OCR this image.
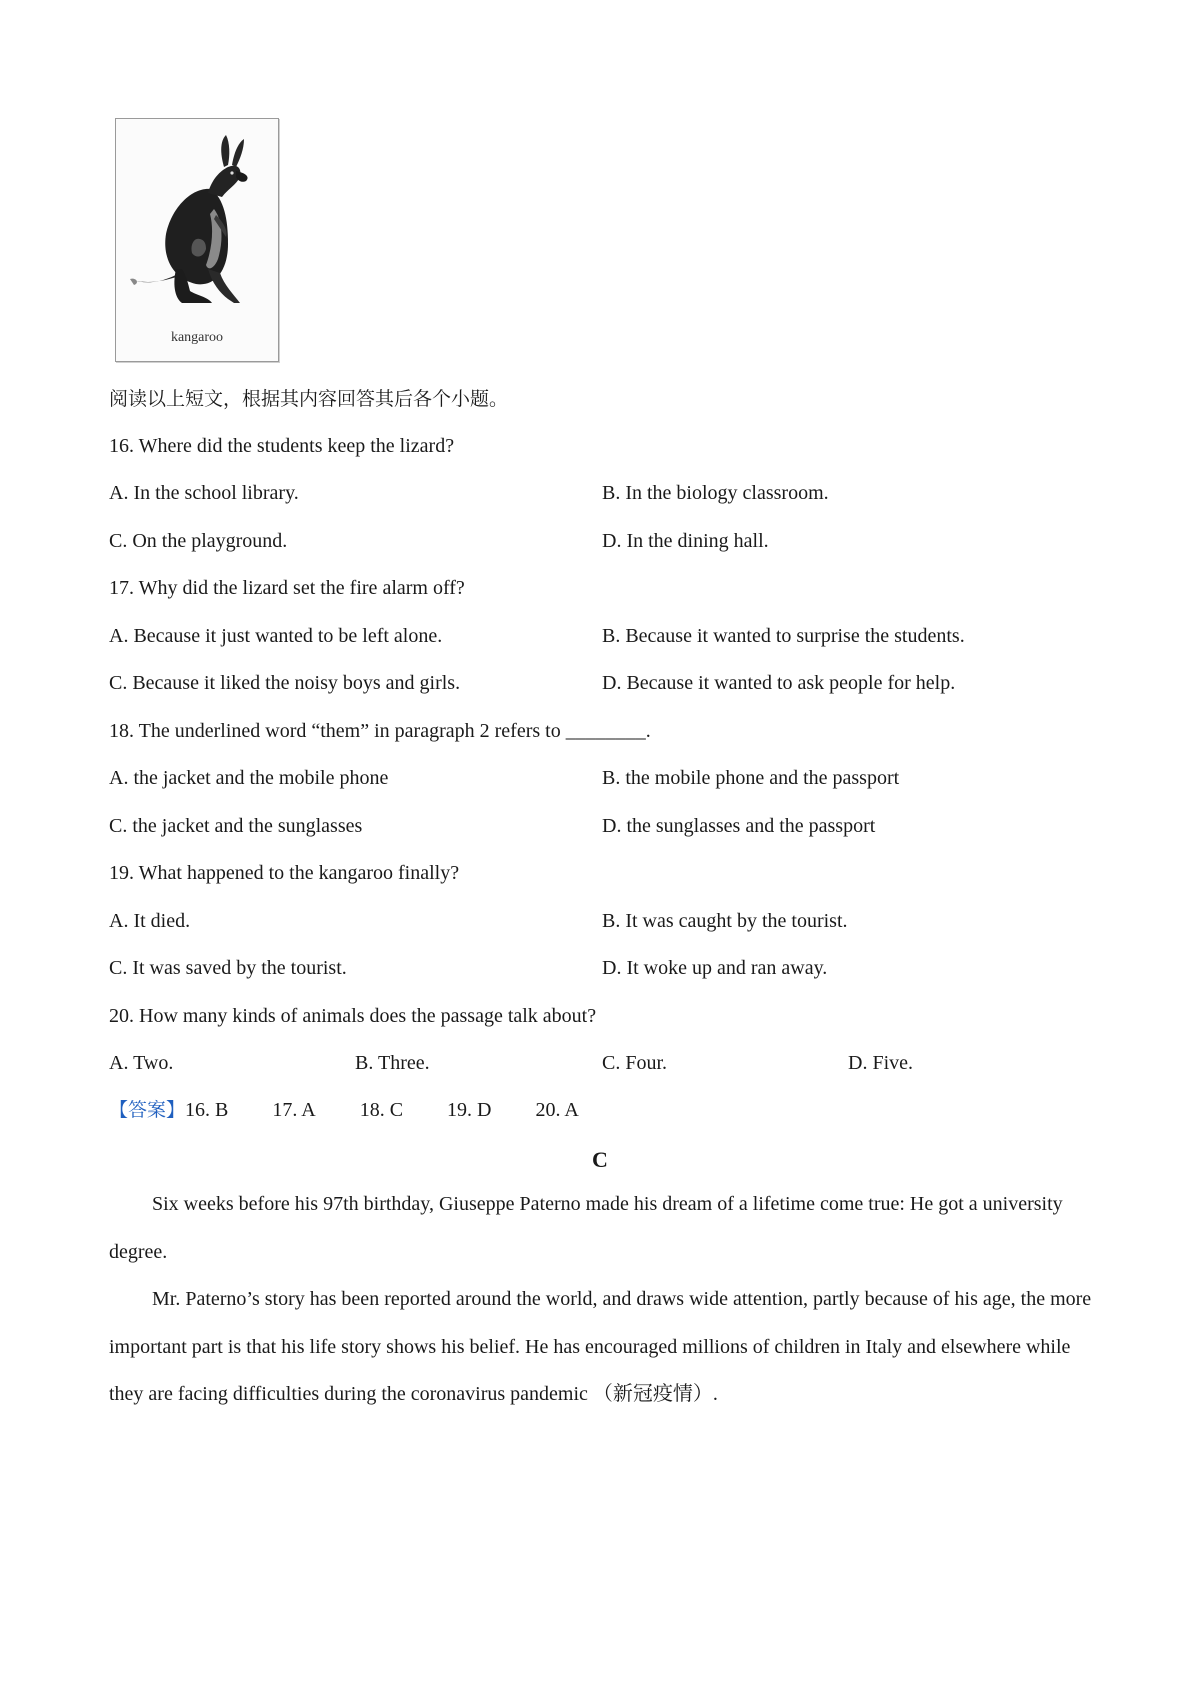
kangaroo
阅读以上短文，根据其内容回答其后各个小题。
16. Where did the students keep the lizard?
A. In the school library.	B. In the biology classroom.
C. On the playground.	D. In the dining hall.
17. Why did the lizard set the fire alarm off?
A. Because it just wanted to be left alone.	B. Because it wanted to surprise the students.
C. Because it liked the noisy boys and girls.	D. Because it wanted to ask people for help.
18. The underlined word “them” in paragraph 2 refers to ________.
A. the jacket and the mobile phone	B. the mobile phone and the passport
C. the jacket and the sunglasses	D. the sunglasses and the passport
19. What happened to the kangaroo finally?
A. It died.	B. It was caught by the tourist.
C. It was saved by the tourist.	D. It woke up and ran away.
20. How many kinds of animals does the passage talk about?
A. Two.	B. Three.	C. Four.	D. Five.
【答案】16. B 17. A 18. C 19. D 20. A
C

Six weeks before his 97th birthday, Giuseppe Paterno made his dream of a lifetime come true: He got a university degree.

Mr. Paterno’s story has been reported around the world, and draws wide attention, partly because of his age, the more important part is that his life story shows his belief. He has encouraged millions of children in Italy and elsewhere while they are facing difficulties during the coronavirus pandemic （新冠疫情）.
